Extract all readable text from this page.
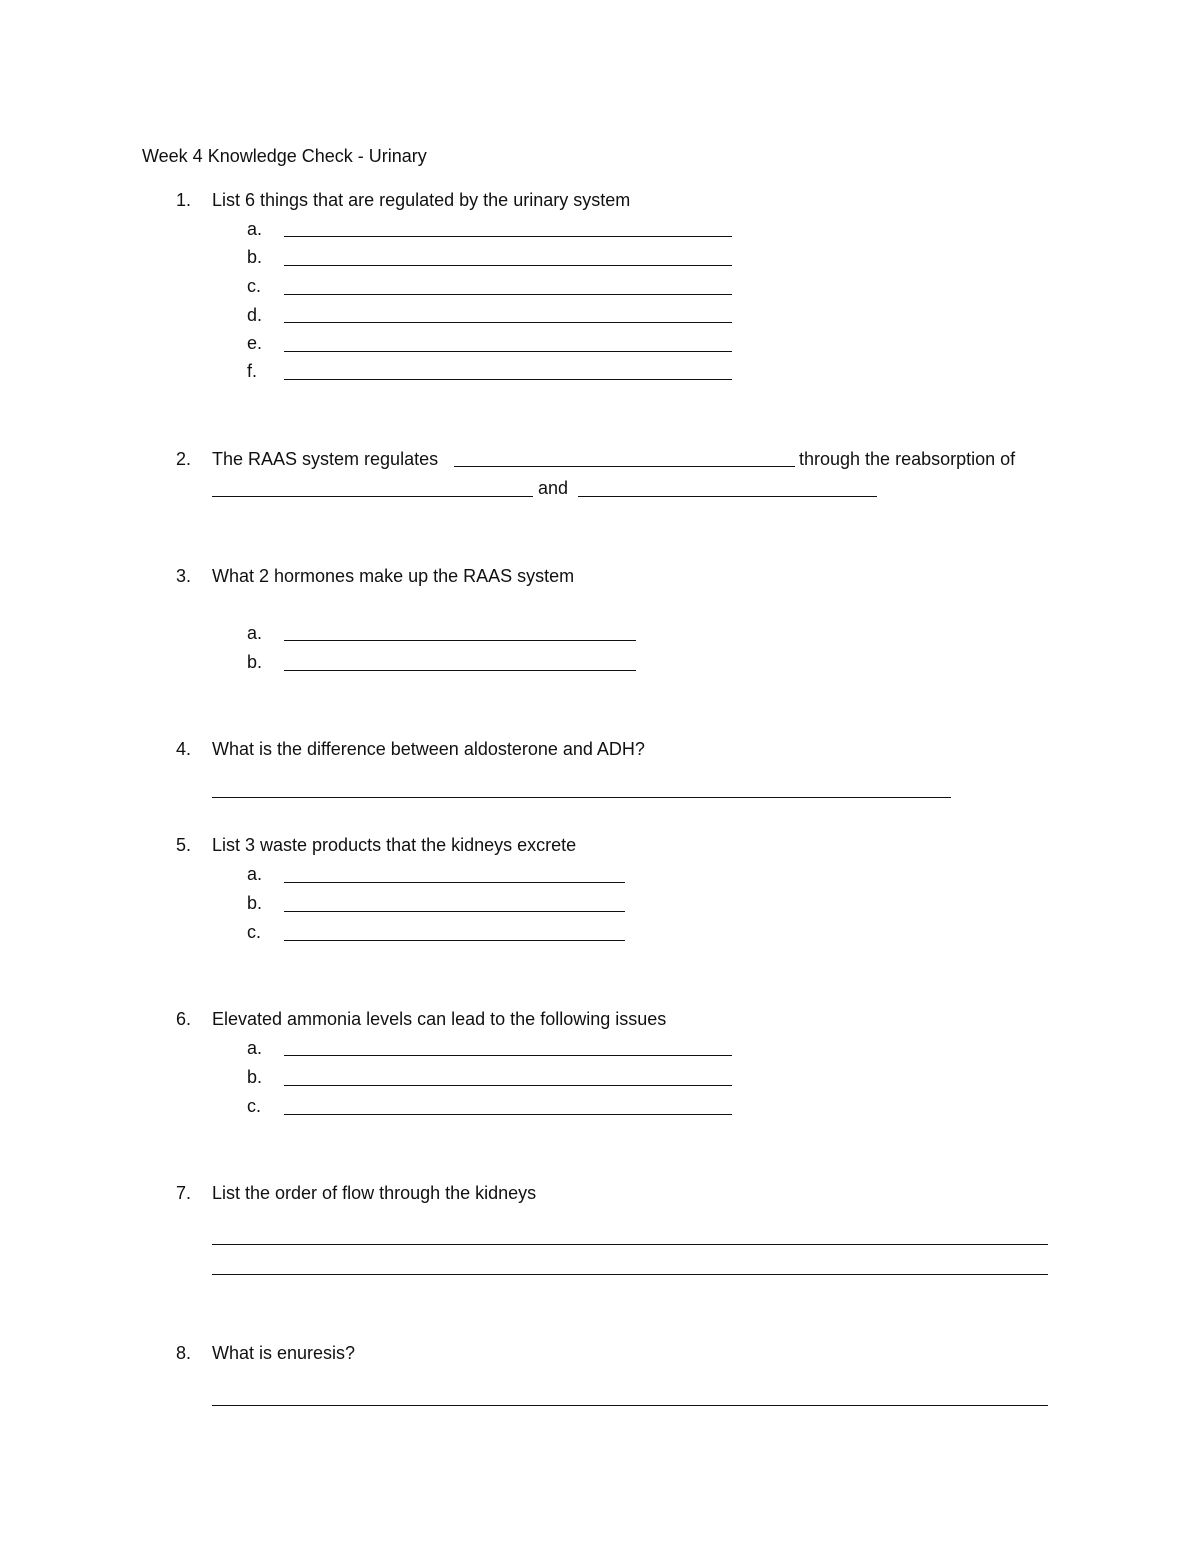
Week 4 Knowledge Check - Urinary
1. List 6 things that are regulated by the urinary system
a.
b.
c.
d.
e.
f.
2. The RAAS system regulates	through the reabsorption of
and
3. What 2 hormones make up the RAAS system
a.
b.
4. What is the difference between aldosterone and ADH?
5. List 3 waste products that the kidneys excrete
a.
b.
c.
6. Elevated ammonia levels can lead to the following issues
a.
b.
c.
7. List the order of flow through the kidneys
8. What is enuresis?
